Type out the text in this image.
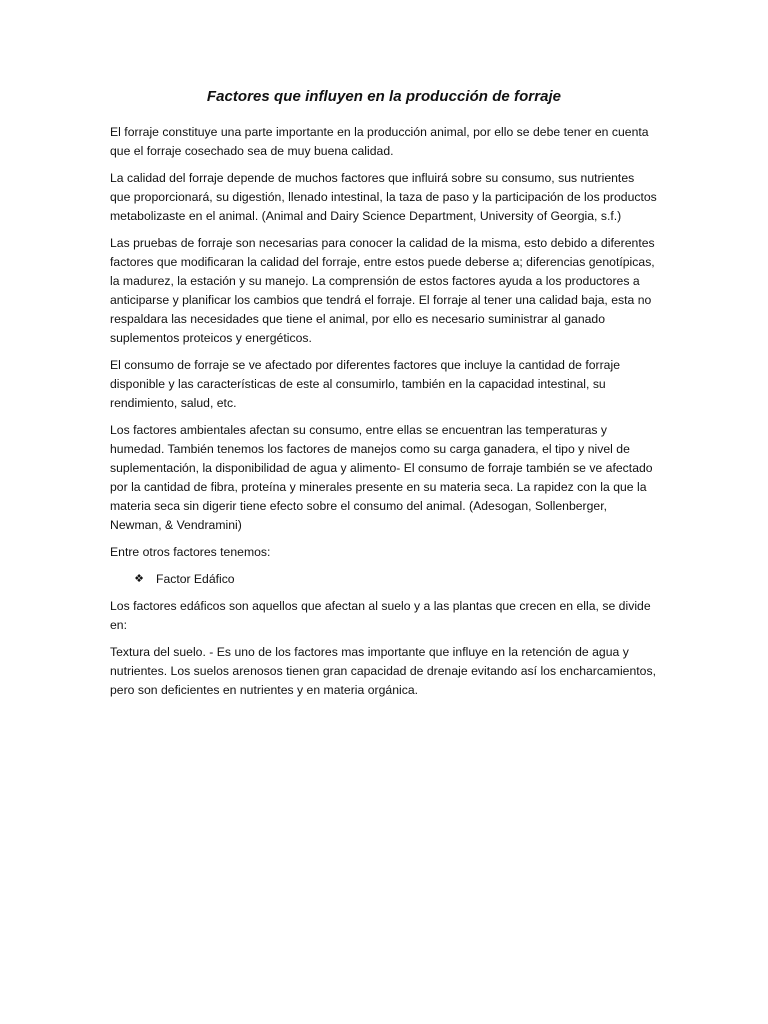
Factores que influyen en la producción de forraje

El forraje constituye una parte importante en la producción animal, por ello se debe tener en cuenta que el forraje cosechado sea de muy buena calidad.

La calidad del forraje depende de muchos factores que influirá sobre su consumo, sus nutrientes que proporcionará, su digestión, llenado intestinal, la taza de paso y la participación de los productos metabolizaste en el animal. (Animal and Dairy Science Department, University of Georgia, s.f.)

Las pruebas de forraje son necesarias para conocer la calidad de la misma, esto debido a diferentes factores que modificaran la calidad del forraje, entre estos puede deberse a; diferencias genotípicas, la madurez, la estación y su manejo. La comprensión de estos factores ayuda a los productores a anticiparse y planificar los cambios que tendrá el forraje. El forraje al tener una calidad baja, esta no respaldara las necesidades que tiene el animal, por ello es necesario suministrar al ganado suplementos proteicos y energéticos.

El consumo de forraje se ve afectado por diferentes factores que incluye la cantidad de forraje disponible y las características de este al consumirlo, también en la capacidad intestinal, su rendimiento, salud, etc.

Los factores ambientales afectan su consumo, entre ellas se encuentran las temperaturas y humedad. También tenemos los factores de manejos como su carga ganadera, el tipo y nivel de suplementación, la disponibilidad de agua y alimento- El consumo de forraje también se ve afectado por la cantidad de fibra, proteína y minerales presente en su materia seca. La rapidez con la que la materia seca sin digerir tiene efecto sobre el consumo del animal. (Adesogan, Sollenberger, Newman, & Vendramini)

Entre otros factores tenemos:

❖ Factor Edáfico

Los factores edáficos son aquellos que afectan al suelo y a las plantas que crecen en ella, se divide en:

Textura del suelo. - Es uno de los factores mas importante que influye en la retención de agua y nutrientes. Los suelos arenosos tienen gran capacidad de drenaje evitando así los encharcamientos, pero son deficientes en nutrientes y en materia orgánica.
